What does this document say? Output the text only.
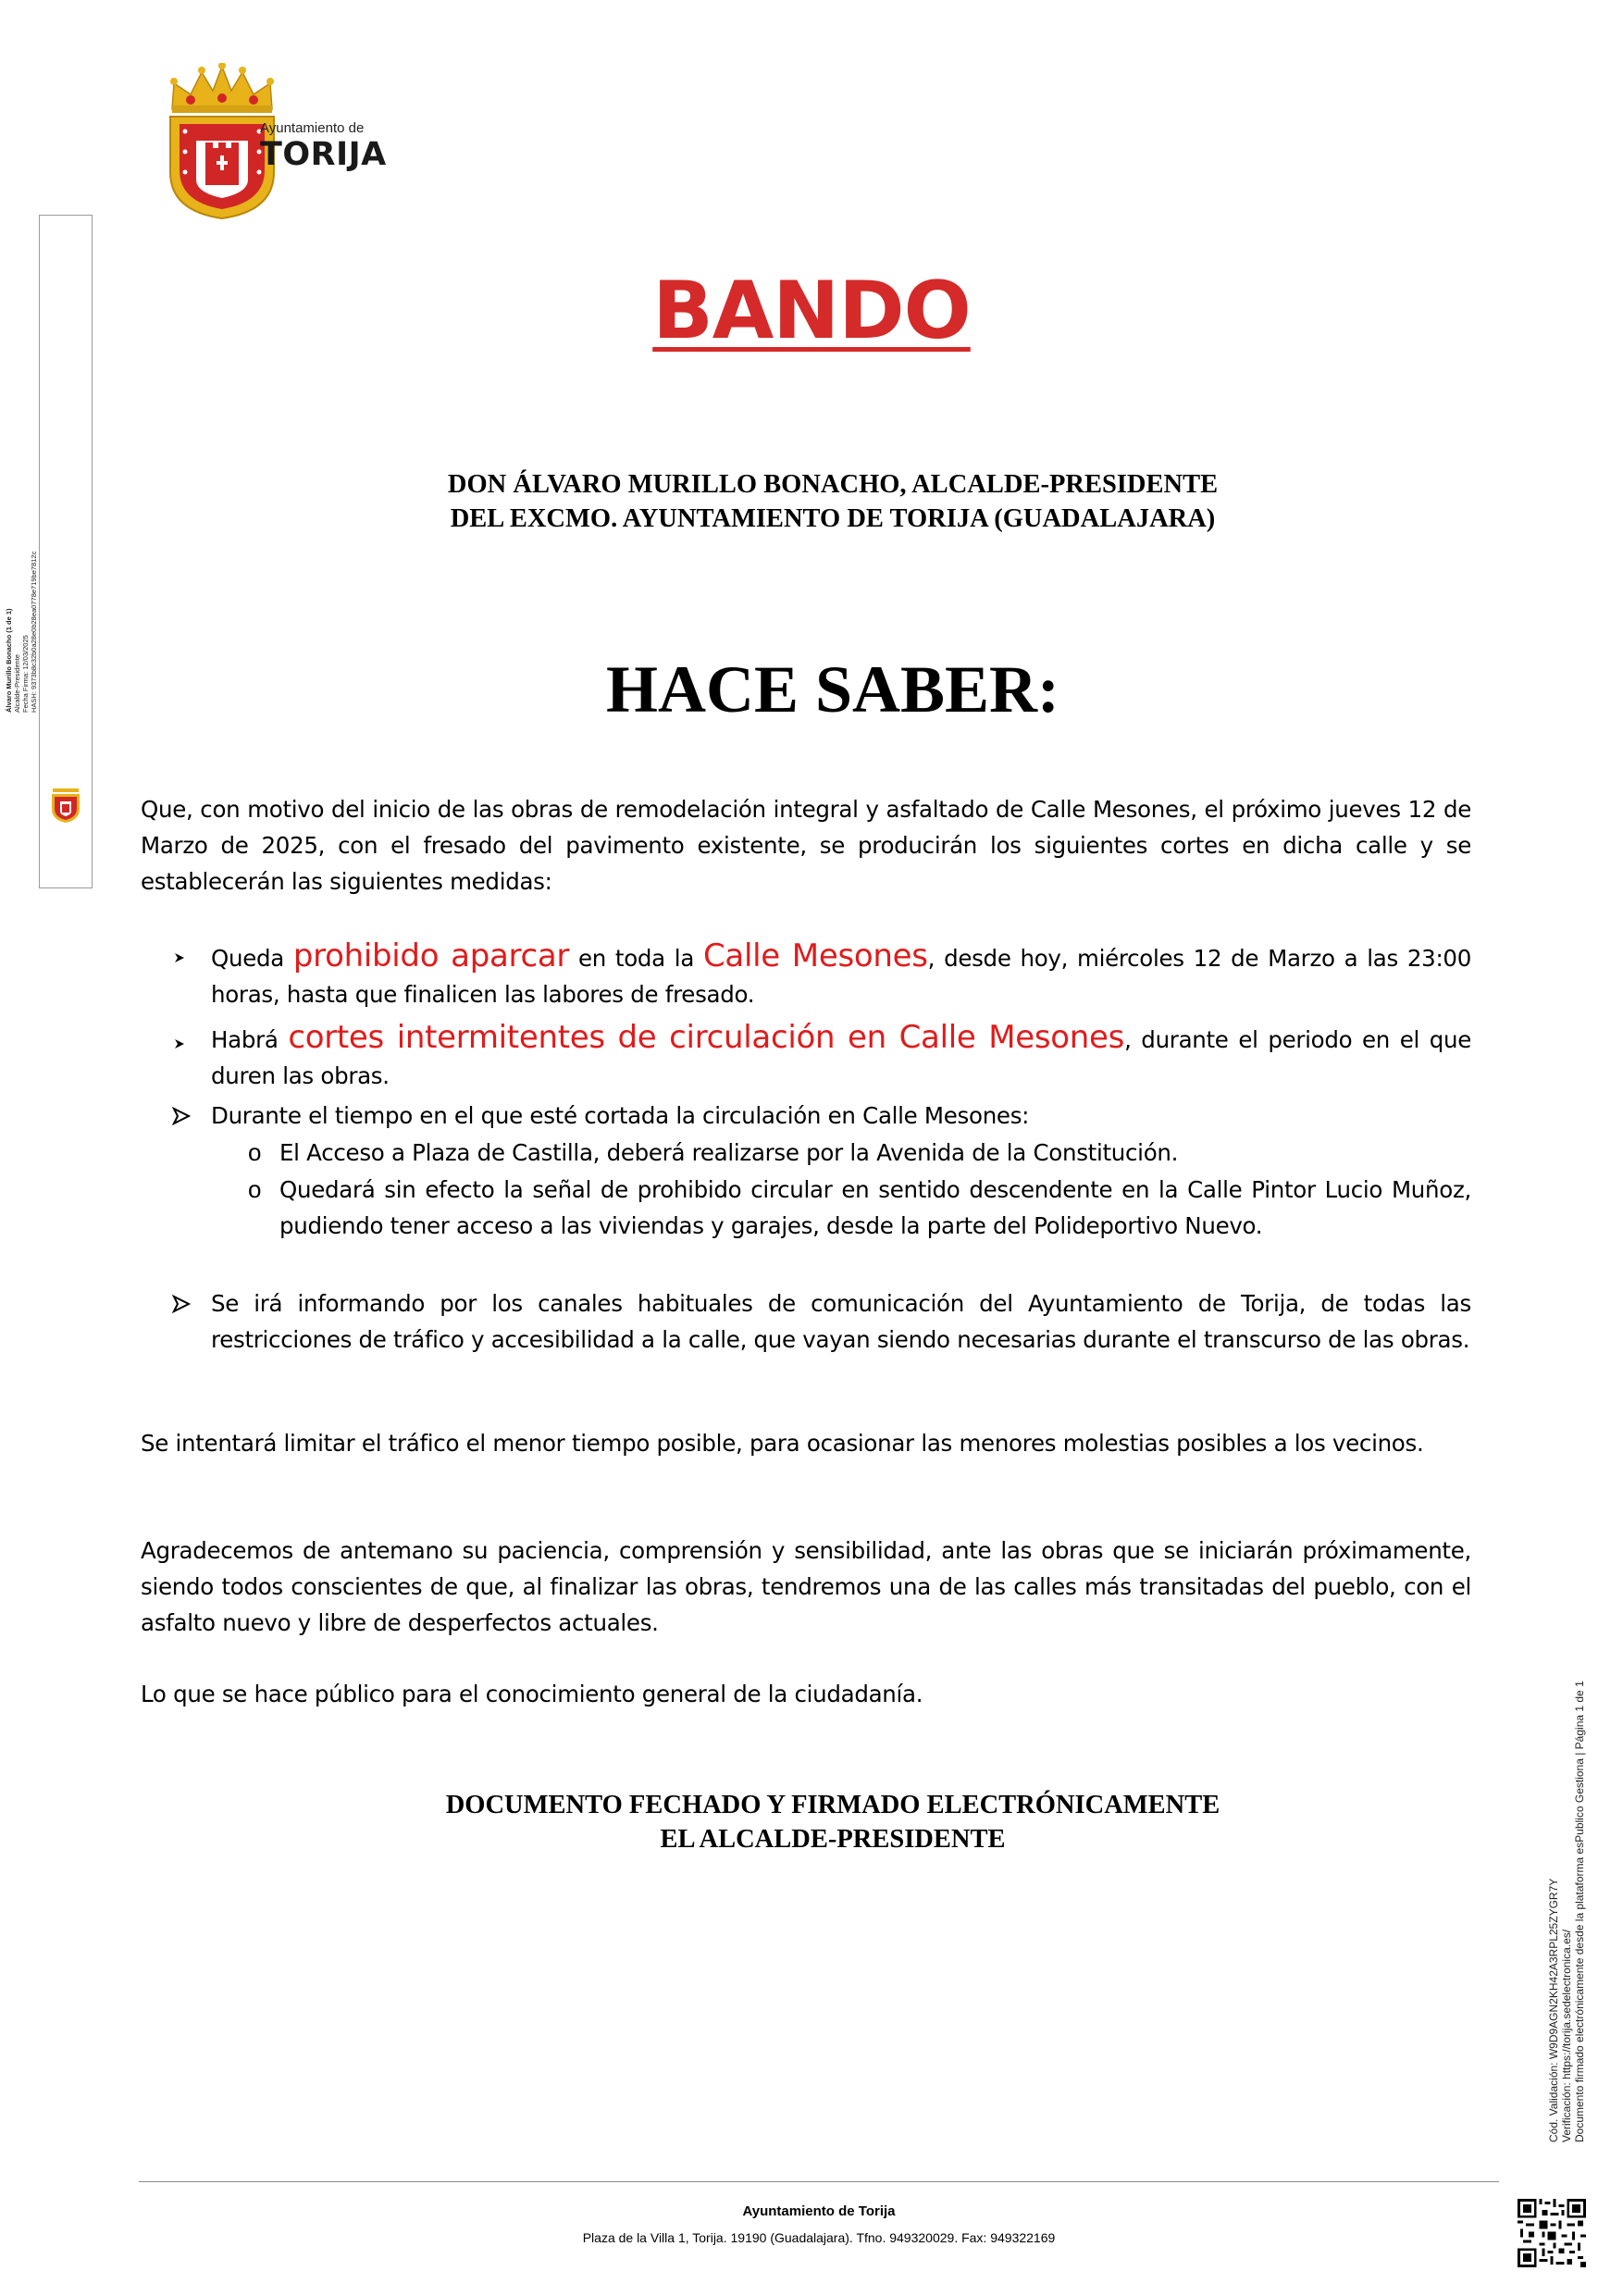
Ayuntamiento de
TORIJA
Álvaro Murillo Bonacho (1 de 1) Alcalde-Presidente Fecha Firma: 12/03/2025 HASH: 9373b8c32b0a28e0b28ea0778e719be7812c
BANDO
DON ÁLVARO MURILLO BONACHO, ALCALDE-PRESIDENTE
DEL EXCMO. AYUNTAMIENTO DE TORIJA (GUADALAJARA)
HACE SABER:
Que, con motivo del inicio de las obras de remodelación integral y asfaltado de Calle Mesones, el próximo jueves 12 de Marzo de 2025, con el fresado del pavimento existente, se producirán los siguientes cortes en dicha calle y se establecerán las siguientes medidas:
Queda prohibido aparcar en toda la Calle Mesones, desde hoy, miércoles 12 de Marzo a las 23:00 horas, hasta que finalicen las labores de fresado.
Habrá cortes intermitentes de circulación en Calle Mesones, durante el periodo en el que duren las obras.
Durante el tiempo en el que esté cortada la circulación en Calle Mesones:
o El Acceso a Plaza de Castilla, deberá realizarse por la Avenida de la Constitución.
o Quedará sin efecto la señal de prohibido circular en sentido descendente en la Calle Pintor Lucio Muñoz, pudiendo tener acceso a las viviendas y garajes, desde la parte del Polideportivo Nuevo.
Se irá informando por los canales habituales de comunicación del Ayuntamiento de Torija, de todas las restricciones de tráfico y accesibilidad a la calle, que vayan siendo necesarias durante el transcurso de las obras.
Se intentará limitar el tráfico el menor tiempo posible, para ocasionar las menores molestias posibles a los vecinos.
Agradecemos de antemano su paciencia, comprensión y sensibilidad, ante las obras que se iniciarán próximamente, siendo todos conscientes de que, al finalizar las obras, tendremos una de las calles más transitadas del pueblo, con el asfalto nuevo y libre de desperfectos actuales.
Lo que se hace público para el conocimiento general de la ciudadanía.
DOCUMENTO FECHADO Y FIRMADO ELECTRÓNICAMENTE
EL ALCALDE-PRESIDENTE
Ayuntamiento de Torija
Plaza de la Villa 1, Torija. 19190 (Guadalajara). Tfno. 949320029. Fax: 949322169
Cód. Validación: W9D9AGN2KH42A3RPL25ZYGR7Y Verificación: https://torija.sedelectronica.es/ Documento firmado electrónicamente desde la plataforma esPublico Gestiona | Página 1 de 1
